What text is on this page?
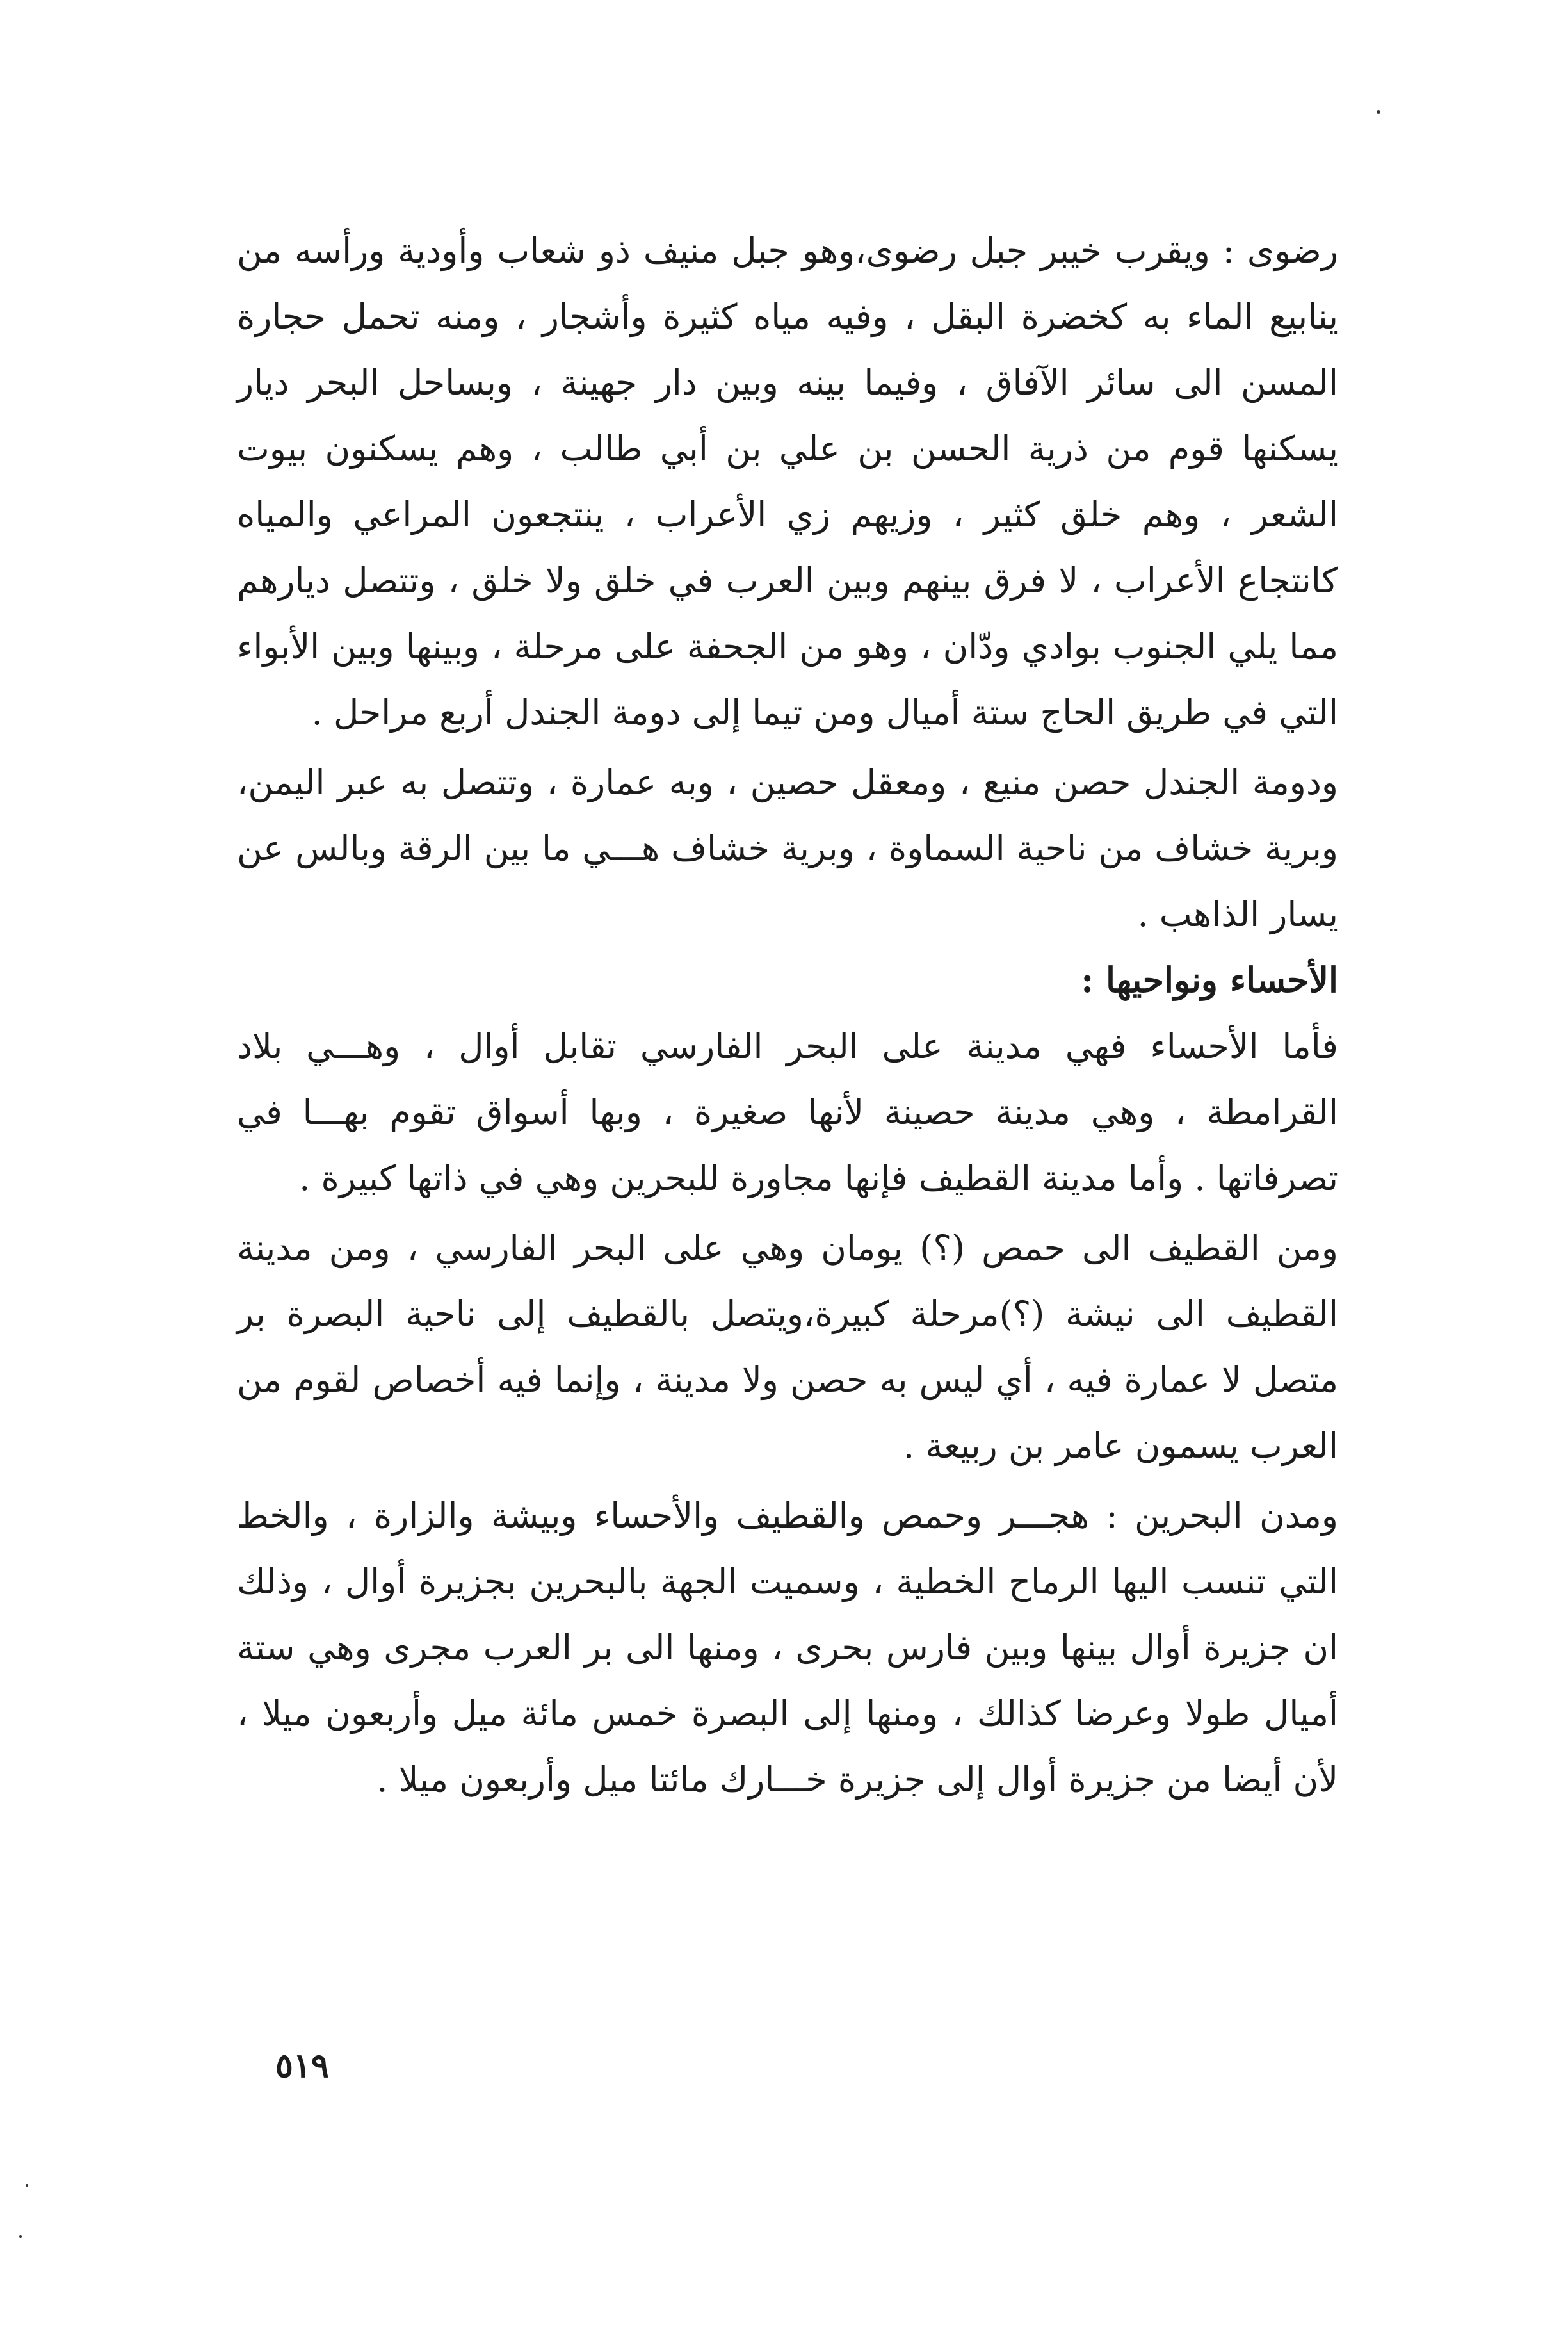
رضوى : ويقرب خيبر جبل رضوى،وهو جبل منيف ذو شعاب وأودية ورأسه من ينابيع الماء به كخضرة البقل ، وفيه مياه كثيرة وأشجار ، ومنه تحمل حجارة المسن الى سائر الآفاق ، وفيما بينه وبين دار جهينة ، وبساحل البحر ديار يسكنها قوم من ذرية الحسن بن علي بن أبي طالب ، وهم يسكنون بيوت الشعر ، وهم خلق كثير ، وزيهم زي الأعراب ، ينتجعون المراعي والمياه كانتجاع الأعراب ، لا فرق بينهم وبين العرب في خلق ولا خلق ، وتتصل ديارهم مما يلي الجنوب بوادي ودّان ، وهو من الجحفة على مرحلة ، وبينها وبين الأبواء التي في طريق الحاج ستة أميال ومن تيما إلى دومة الجندل أربع مراحل .

ودومة الجندل حصن منيع ، ومعقل حصين ، وبه عمارة ، وتتصل به عبر اليمن، وبرية خشاف من ناحية السماوة ، وبرية خشاف هـــي ما بين الرقة وبالس عن يسار الذاهب .

الأحساء ونواحيها :

فأما الأحساء فهي مدينة على البحر الفارسي تقابل أوال ، وهـــي بلاد القرامطة ، وهي مدينة حصينة لأنها صغيرة ، وبها أسواق تقوم بهـــا في تصرفاتها . وأما مدينة القطيف فإنها مجاورة للبحرين وهي في ذاتها كبيرة .

ومن القطيف الى حمص (؟) يومان وهي على البحر الفارسي ، ومن مدينة القطيف الى نيشة (؟)مرحلة كبيرة،ويتصل بالقطيف إلى ناحية البصرة بر متصل لا عمارة فيه ، أي ليس به حصن ولا مدينة ، وإنما فيه أخصاص لقوم من العرب يسمون عامر بن ربيعة .

ومدن البحرين : هجـــر وحمص والقطيف والأحساء وبيشة والزارة ، والخط التي تنسب اليها الرماح الخطية ، وسميت الجهة بالبحرين بجزيرة أوال ، وذلك ان جزيرة أوال بينها وبين فارس بحرى ، ومنها الى بر العرب مجرى وهي ستة أميال طولا وعرضا كذالك ، ومنها إلى البصرة خمس مائة ميل وأربعون ميلا ، لأن أيضا من جزيرة أوال إلى جزيرة خـــارك مائتا ميل وأربعون ميلا .

٥١٩
